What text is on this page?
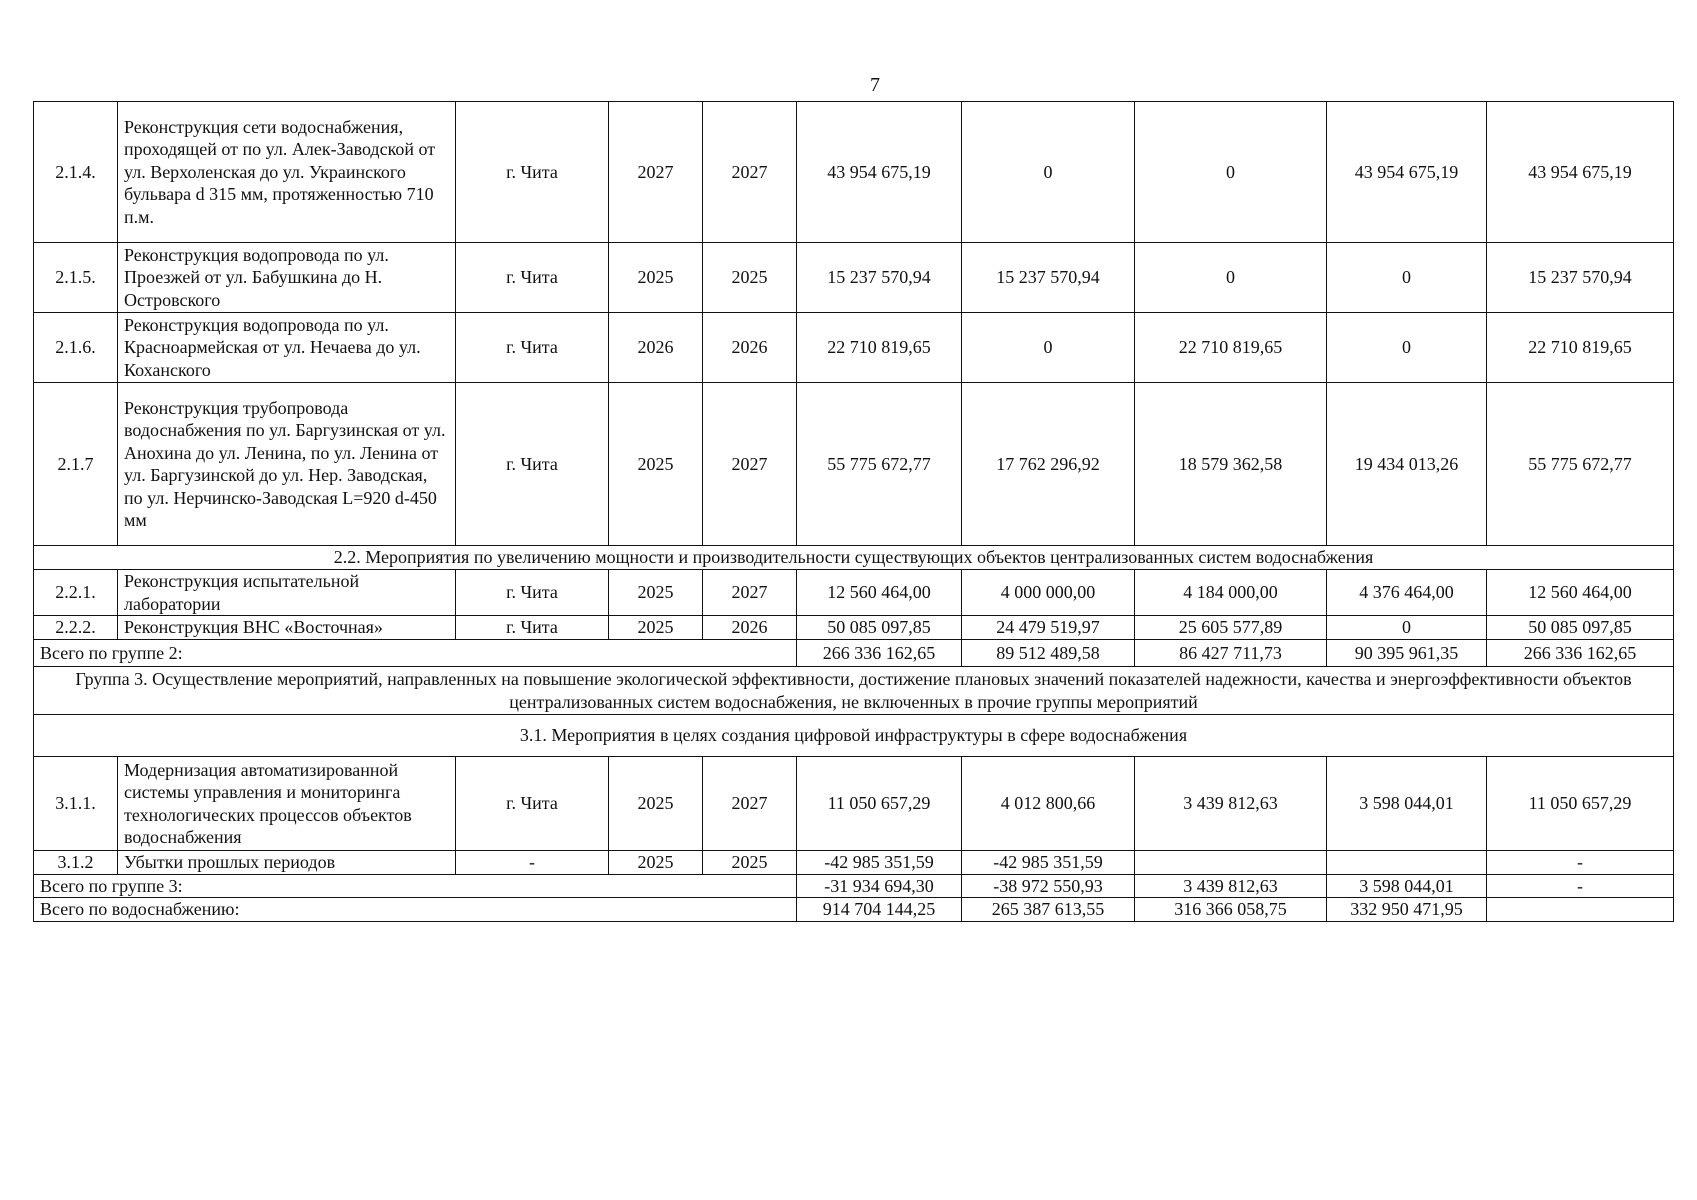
7
2.1.4.	Реконструкция сети водоснабжения, проходящей от по ул. Алек-Заводской от ул. Верхоленская до ул. Украинского бульвара d 315 мм, протяженностью 710 п.м.	г. Чита	2027	2027	43 954 675,19	0	0	43 954 675,19	43 954 675,19
2.1.5.	Реконструкция водопровода по ул. Проезжей от ул. Бабушкина до Н. Островского	г. Чита	2025	2025	15 237 570,94	15 237 570,94	0	0	15 237 570,94
2.1.6.	Реконструкция водопровода по ул. Красноармейская от ул. Нечаева до ул. Коханского	г. Чита	2026	2026	22 710 819,65	0	22 710 819,65	0	22 710 819,65
2.1.7	Реконструкция трубопровода водоснабжения по ул. Баргузинская от ул. Анохина до ул. Ленина, по ул. Ленина от ул. Баргузинской до ул. Нер. Заводская, по ул. Нерчинско-Заводская L=920 d-450 мм	г. Чита	2025	2027	55 775 672,77	17 762 296,92	18 579 362,58	19 434 013,26	55 775 672,77
2.2. Мероприятия по увеличению мощности и производительности существующих объектов централизованных систем водоснабжения									
2.2.1.	Реконструкция испытательной лаборатории	г. Чита	2025	2027	12 560 464,00	4 000 000,00	4 184 000,00	4 376 464,00	12 560 464,00
2.2.2.	Реконструкция ВНС «Восточная»	г. Чита	2025	2026	50 085 097,85	24 479 519,97	25 605 577,89	0	50 085 097,85
Всего по группе 2:					266 336 162,65	89 512 489,58	86 427 711,73	90 395 961,35	266 336 162,65
Группа 3. Осуществление мероприятий, направленных на повышение экологической эффективности, достижение плановых значений показателей надежности, качества и энергоэффективности объектов централизованных систем водоснабжения, не включенных в прочие группы мероприятий									
3.1. Мероприятия в целях создания цифровой инфраструктуры в сфере водоснабжения									
3.1.1.	Модернизация автоматизированной системы управления и мониторинга технологических процессов объектов водоснабжения	г. Чита	2025	2027	11 050 657,29	4 012 800,66	3 439 812,63	3 598 044,01	11 050 657,29
3.1.2	Убытки прошлых периодов	-	2025	2025	-42 985 351,59	-42 985 351,59			-
Всего по группе 3:					-31 934 694,30	-38 972 550,93	3 439 812,63	3 598 044,01	-
Всего по водоснабжению:					914 704 144,25	265 387 613,55	316 366 058,75	332 950 471,95	
